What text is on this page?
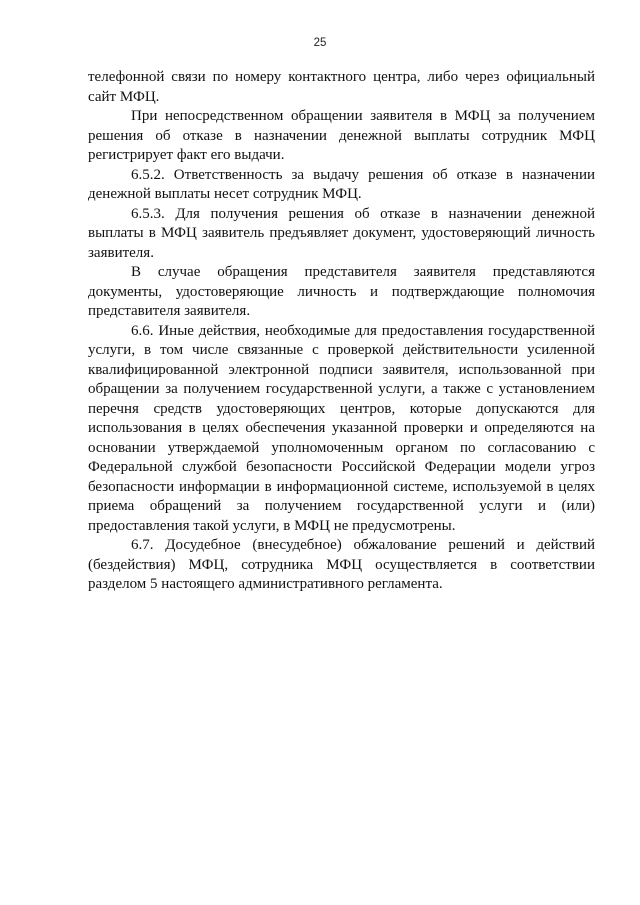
25

телефонной связи по номеру контактного центра, либо через официальный сайт МФЦ.

При непосредственном обращении заявителя в МФЦ за получением решения об отказе в назначении денежной выплаты сотрудник МФЦ регистрирует факт его выдачи.

6.5.2. Ответственность за выдачу решения об отказе в назначении денежной выплаты несет сотрудник МФЦ.

6.5.3. Для получения решения об отказе в назначении денежной выплаты в МФЦ заявитель предъявляет документ, удостоверяющий личность заявителя.

В случае обращения представителя заявителя представляются документы, удостоверяющие личность и подтверждающие полномочия представителя заявителя.

6.6. Иные действия, необходимые для предоставления государственной услуги, в том числе связанные с проверкой действительности усиленной квалифицированной электронной подписи заявителя, использованной при обращении за получением государственной услуги, а также с установлением перечня средств удостоверяющих центров, которые допускаются для использования в целях обеспечения указанной проверки и определяются на основании утверждаемой уполномоченным органом по согласованию с Федеральной службой безопасности Российской Федерации модели угроз безопасности информации в информационной системе, используемой в целях приема обращений за получением государственной услуги и (или) предоставления такой услуги, в МФЦ не предусмотрены.

6.7. Досудебное (внесудебное) обжалование решений и действий (бездействия) МФЦ, сотрудника МФЦ осуществляется в соответствии разделом 5 настоящего административного регламента.
